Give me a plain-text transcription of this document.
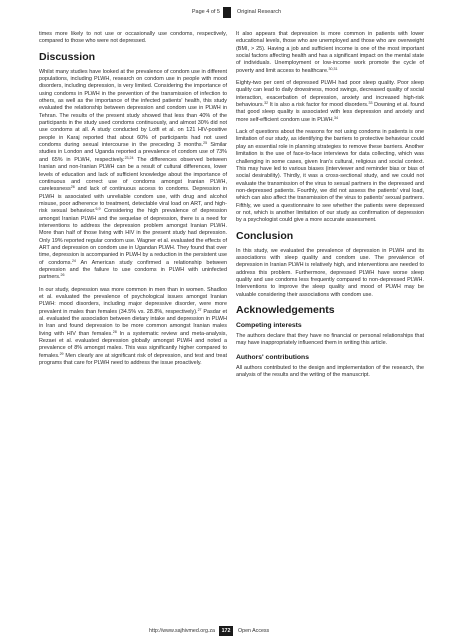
Page 4 of 5	Original Research

times more likely to not use or occasionally use condoms, respectively, compared to those who were not depressed.

Discussion

Whilst many studies have looked at the prevalence of condom use in different populations, including PLWH, research on condom use in people with mood disorders, including depression, is very limited. Considering the importance of using condoms in PLWH in the prevention of the transmission of infection to others, as well as the importance of the infected patients' health, this study evaluated the relationship between depression and condom use in PLWH in Tehran. The results of the present study showed that less than 40% of the participants in the study used condoms continuously, and almost 30% did not use condoms at all. A study conducted by Lotfi et al. on 121 HIV-positive people in Karaj reported that about 60% of participants had not used condoms during sexual intercourse in the preceding 3 months.$^{25}$ Similar studies in London and Uganda reported a prevalence of condom use of 73% and 65% in PLWH, respectively.$^{23,24}$ The differences observed between Iranian and non-Iranian PLWH can be a result of cultural differences, lower levels of education and lack of sufficient knowledge about the importance of continuous and correct use of condoms amongst Iranian PLWH, carelessness$^{26}$ and lack of continuous access to condoms. Depression in PLWH is associated with unreliable condom use, with drug and alcohol misuse, poor adherence to treatment, detectable viral load on ART, and high-risk sexual behaviour.$^{6,9}$ Considering the high prevalence of depression amongst Iranian PLWH and the sequelae of depression, there is a need for interventions to address the depression problem amongst Iranian PLWH. More than half of those living with HIV in the present study had depression. Only 19% reported regular condom use. Wagner et al. evaluated the effects of ART and depression on condom use in Ugandan PLWH. They found that over time, depression is accompanied in PLWH by a reduction in the persistent use of condoms.$^{24}$ An American study confirmed a relationship between depression and the failure to use condoms in PLWH with uninfected partners.$^{26}$

In our study, depression was more common in men than in women. Shadloo et al. evaluated the prevalence of psychological issues amongst Iranian PLWH: mood disorders, including major depressive disorder, were more prevalent in males than females (34.5% vs. 28.8%, respectively).$^{27}$ Pasdar et al. evaluated the association between dietary intake and depression in PLWH in Iran and found depression to be more common amongst Iranian males living with HIV than females.$^{28}$ In a systematic review and meta-analysis, Rezaei et al. evaluated depression globally amongst PLWH and noted a prevalence of 8% amongst males. This was significantly higher compared to females.$^{29}$ Men clearly are at significant risk of depression, and test and treat programs that care for PLWH need to address the issue proactively.

It also appears that depression is more common in patients with lower educational levels, those who are unemployed and those who are overweight (BMI, > 25). Having a job and sufficient income is one of the most important social factors affecting health and has a significant impact on the mental state of individuals. Unemployment or low-income work promote the cycle of poverty and limit access to healthcare.$^{30,31}$

Eighty-two per cent of depressed PLWH had poor sleep quality. Poor sleep quality can lead to daily drowsiness, mood swings, decreased quality of social interaction, exacerbation of depression, anxiety and increased high-risk behaviours.$^{32}$ It is also a risk factor for mood disorders.$^{33}$ Downing et al. found that good sleep quality is associated with less depression and anxiety and more self-efficient condom use in PLWH.$^{34}$

Lack of questions about the reasons for not using condoms in patients is one limitation of our study, as identifying the barriers to protective behaviour could play an essential role in planning strategies to remove these barriers. Another limitation is the use of face-to-face interviews for data collecting, which was challenging in some cases, given Iran's cultural, religious and social context. This may have led to various biases (interviewer and reminder bias or bias of social desirability). Thirdly, it was a cross-sectional study, and we could not evaluate the transmission of the virus to sexual partners in the depressed and non-depressed patients. Fourthly, we did not assess the patients' viral load, which can also affect the transmission of the virus to patients' sexual partners. Fifthly, we used a questionnaire to see whether the patients were depressed or not, which is another limitation of our study as confirmation of depression by a psychologist could give a more accurate assessment.

Conclusion

In this study, we evaluated the prevalence of depression in PLWH and its associations with sleep quality and condom use. The prevalence of depression in Iranian PLWH is relatively high, and interventions are needed to address this problem. Furthermore, depressed PLWH have worse sleep quality and use condoms less frequently compared to non-depressed PLWH. Interventions to improve the sleep quality and mood of PLWH may be valuable considering their associations with condom use.

Acknowledgements
Competing interests

The authors declare that they have no financial or personal relationships that may have inappropriately influenced them in writing this article.

Authors' contributions

All authors contributed to the design and implementation of the research, the analysis of the results and the writing of the manuscript.

http://www.sajhivmed.org.za	172	Open Access
